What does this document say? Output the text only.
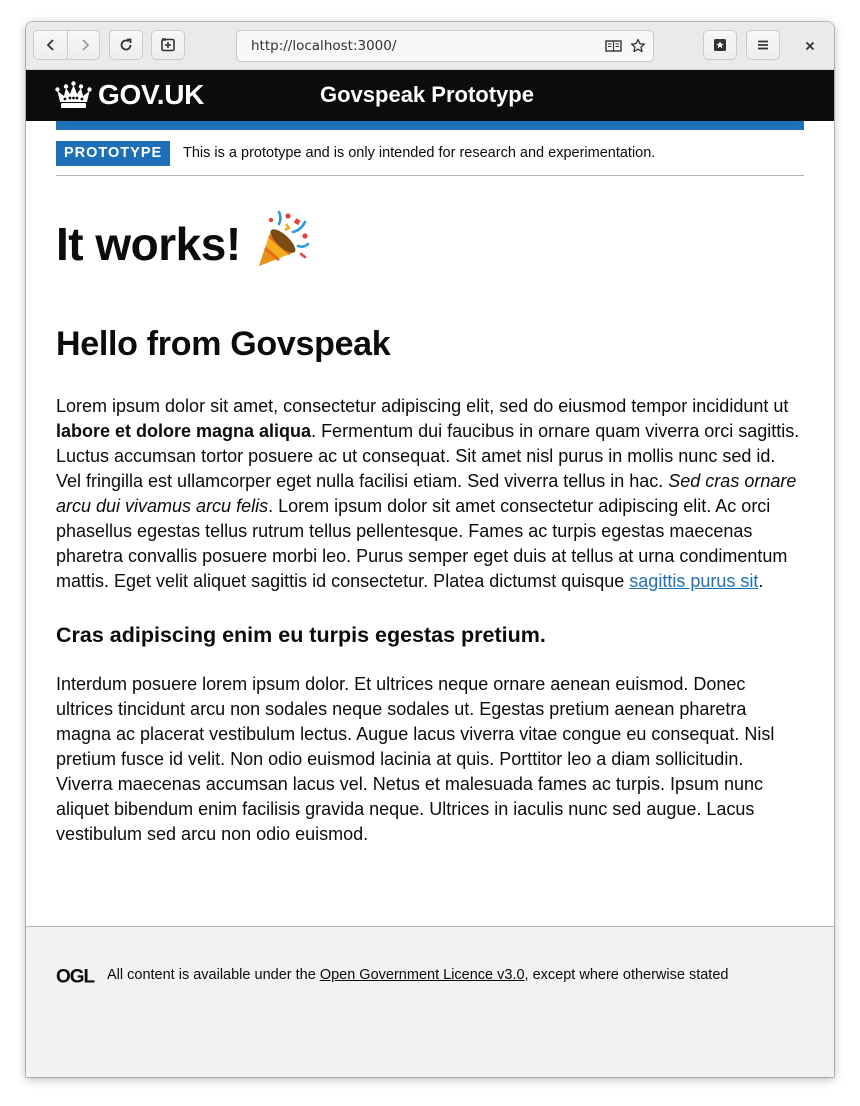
http://localhost:3000/
GOV.UK	Govspeak Prototype
PROTOTYPE	This is a prototype and is only intended for research and experimentation.
It works!
Hello from Govspeak

Lorem ipsum dolor sit amet, consectetur adipiscing elit, sed do eiusmod tempor incididunt ut labore et dolore magna aliqua. Fermentum dui faucibus in ornare quam viverra orci sagittis. Luctus accumsan tortor posuere ac ut consequat. Sit amet nisl purus in mollis nunc sed id. Vel fringilla est ullamcorper eget nulla facilisi etiam. Sed viverra tellus in hac. Sed cras ornare arcu dui vivamus arcu felis. Lorem ipsum dolor sit amet consectetur adipiscing elit. Ac orci phasellus egestas tellus rutrum tellus pellentesque. Fames ac turpis egestas maecenas pharetra convallis posuere morbi leo. Purus semper eget duis at tellus at urna condimentum mattis. Eget velit aliquet sagittis id consectetur. Platea dictumst quisque sagittis purus sit.

Cras adipiscing enim eu turpis egestas pretium.

Interdum posuere lorem ipsum dolor. Et ultrices neque ornare aenean euismod. Donec ultrices tincidunt arcu non sodales neque sodales ut. Egestas pretium aenean pharetra magna ac placerat vestibulum lectus. Augue lacus viverra vitae congue eu consequat. Nisl pretium fusce id velit. Non odio euismod lacinia at quis. Porttitor leo a diam sollicitudin. Viverra maecenas accumsan lacus vel. Netus et malesuada fames ac turpis. Ipsum nunc aliquet bibendum enim facilisis gravida neque. Ultrices in iaculis nunc sed augue. Lacus vestibulum sed arcu non odio euismod.

OGL All content is available under the Open Government Licence v3.0, except where otherwise stated
